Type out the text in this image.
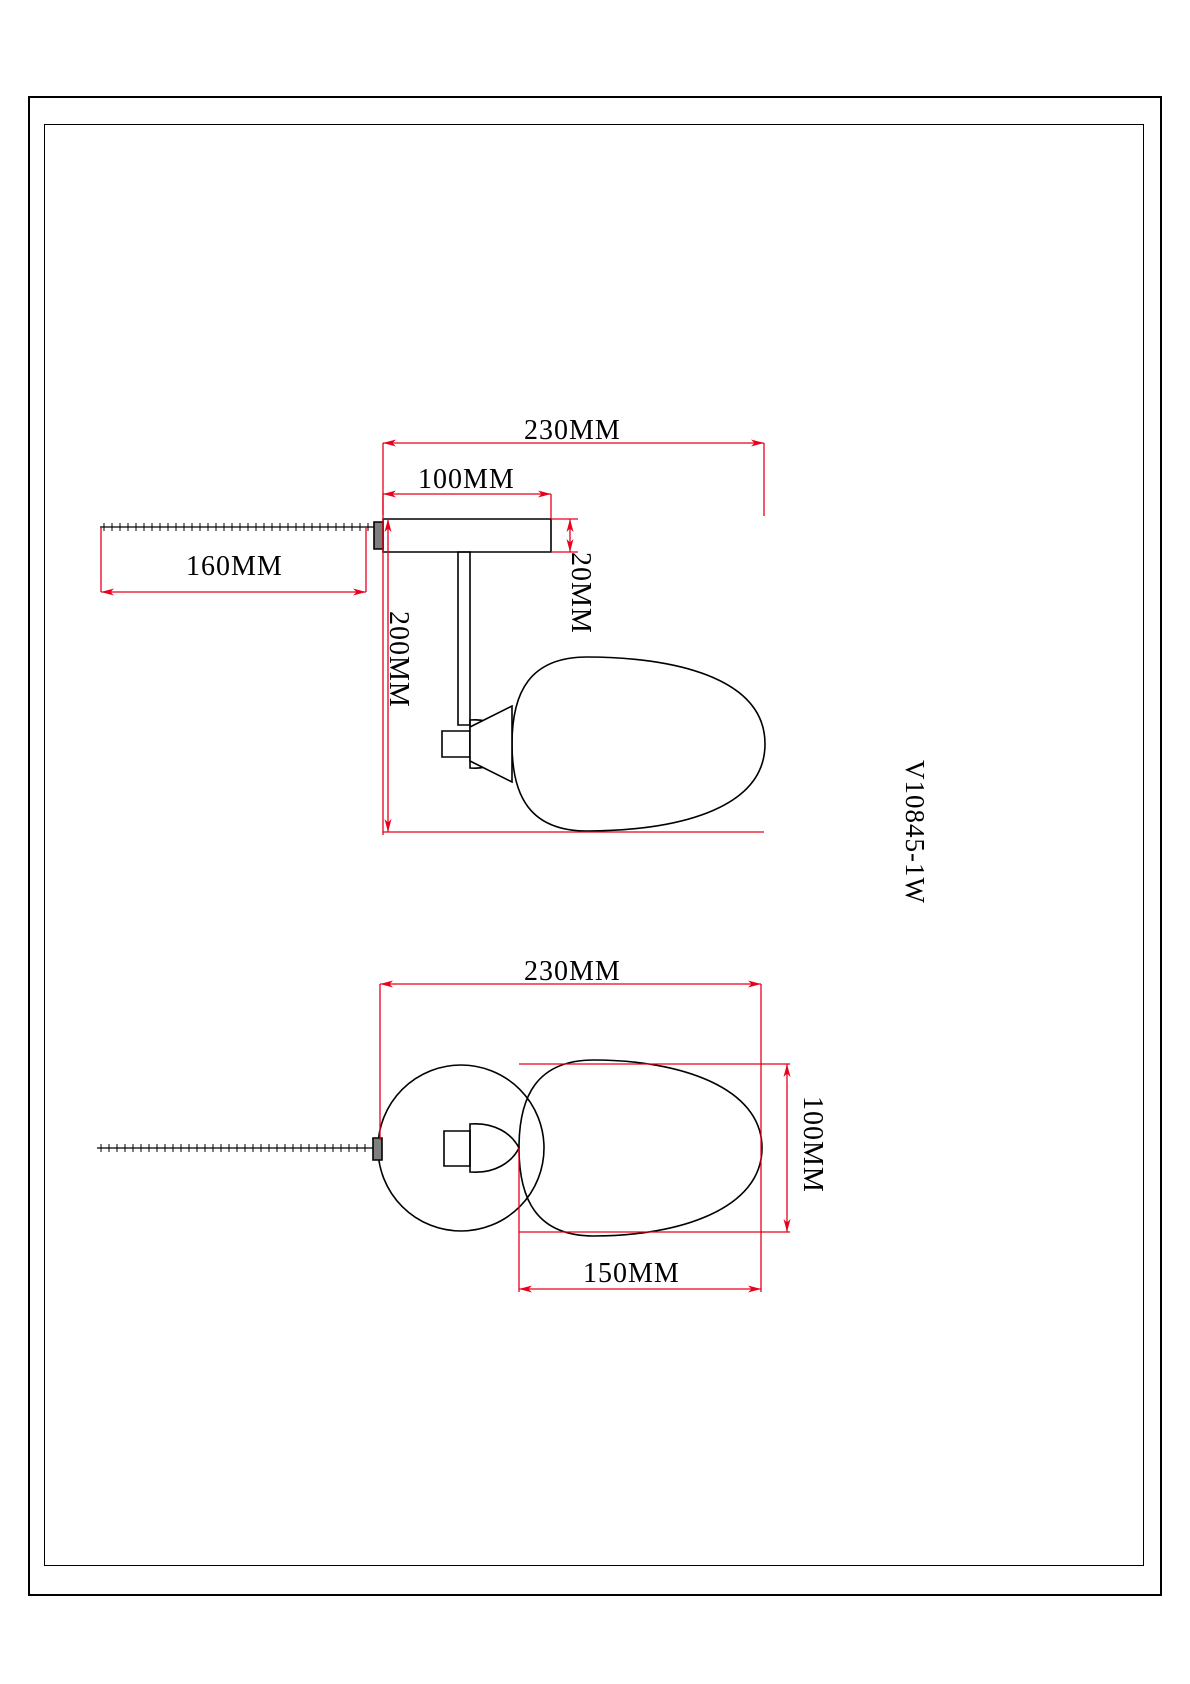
V10845-1W
230MM
100MM
160MM	20MM
200MM
230MM
150MM
100MM
